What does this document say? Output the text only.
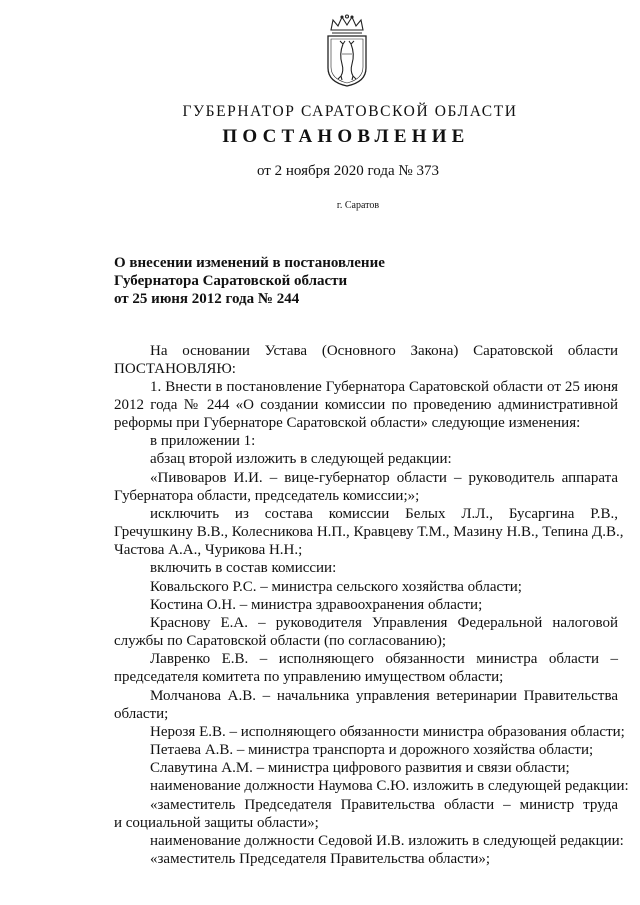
ГУБЕРНАТОР САРАТОВСКОЙ ОБЛАСТИ
ПОСТАНОВЛЕНИЕ
от 2 ноября 2020 года № 373
г. Саратов
О внесении изменений в постановление
Губернатора Саратовской области
от 25 июня 2012 года № 244
На основании Устава (Основного Закона) Саратовской области
ПОСТАНОВЛЯЮ:
1. Внести в постановление Губернатора Саратовской области от 25 июня
2012 года № 244 «О создании комиссии по проведению административной
реформы при Губернаторе Саратовской области» следующие изменения:
в приложении 1:
абзац второй изложить в следующей редакции:
«Пивоваров И.И. – вице-губернатор области – руководитель аппарата
Губернатора области, председатель комиссии;»;
исключить из состава комиссии Белых Л.Л., Бусаргина Р.В.,
Гречушкину В.В., Колесникова Н.П., Кравцеву Т.М., Мазину Н.В., Тепина Д.В.,
Частова А.А., Чурикова Н.Н.;
включить в состав комиссии:
Ковальского Р.С. – министра сельского хозяйства области;
Костина О.Н. – министра здравоохранения области;
Краснову Е.А. – руководителя Управления Федеральной налоговой
службы по Саратовской области (по согласованию);
Лавренко Е.В. – исполняющего обязанности министра области –
председателя комитета по управлению имуществом области;
Молчанова А.В. – начальника управления ветеринарии Правительства
области;
Нерозя Е.В. – исполняющего обязанности министра образования области;
Петаева А.В. – министра транспорта и дорожного хозяйства области;
Славутина А.М. – министра цифрового развития и связи области;
наименование должности Наумова С.Ю. изложить в следующей редакции:
«заместитель Председателя Правительства области – министр труда
и социальной защиты области»;
наименование должности Седовой И.В. изложить в следующей редакции:
«заместитель Председателя Правительства области»;
